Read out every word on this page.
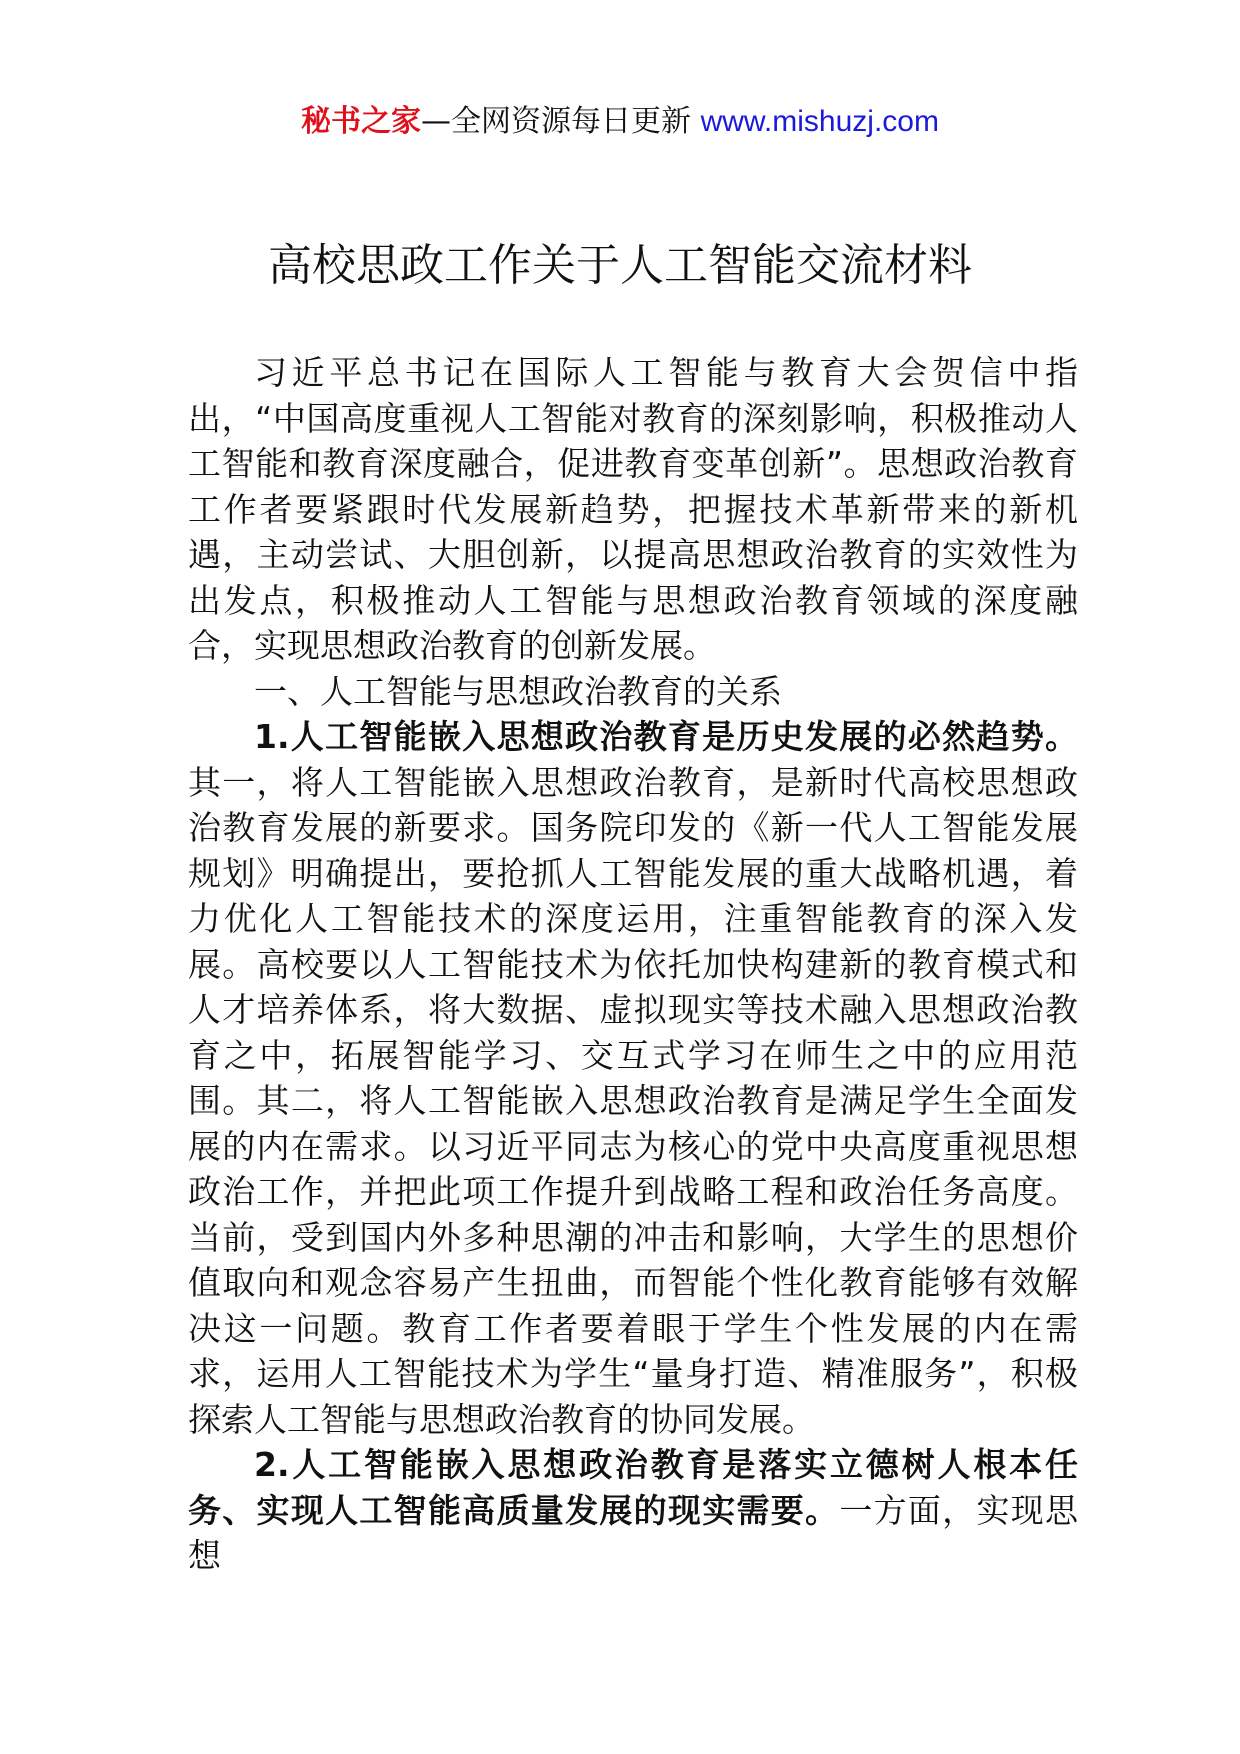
秘书之家—全网资源每日更新 www.mishuzj.com
高校思政工作关于人工智能交流材料

习近平总书记在国际人工智能与教育大会贺信中指出，“中国高度重视人工智能对教育的深刻影响，积极推动人工智能和教育深度融合，促进教育变革创新”。思想政治教育工作者要紧跟时代发展新趋势，把握技术革新带来的新机遇，主动尝试、大胆创新，以提高思想政治教育的实效性为出发点，积极推动人工智能与思想政治教育领域的深度融合，实现思想政治教育的创新发展。

一、人工智能与思想政治教育的关系

1.人工智能嵌入思想政治教育是历史发展的必然趋势。其一，将人工智能嵌入思想政治教育，是新时代高校思想政治教育发展的新要求。国务院印发的《新一代人工智能发展规划》明确提出，要抢抓人工智能发展的重大战略机遇，着力优化人工智能技术的深度运用，注重智能教育的深入发展。高校要以人工智能技术为依托加快构建新的教育模式和人才培养体系，将大数据、虚拟现实等技术融入思想政治教育之中，拓展智能学习、交互式学习在师生之中的应用范围。其二，将人工智能嵌入思想政治教育是满足学生全面发展的内在需求。以习近平同志为核心的党中央高度重视思想政治工作，并把此项工作提升到战略工程和政治任务高度。当前，受到国内外多种思潮的冲击和影响，大学生的思想价值取向和观念容易产生扭曲，而智能个性化教育能够有效解决这一问题。教育工作者要着眼于学生个性发展的内在需求，运用人工智能技术为学生“量身打造、精准服务”，积极探索人工智能与思想政治教育的协同发展。

2.人工智能嵌入思想政治教育是落实立德树人根本任务、实现人工智能高质量发展的现实需要。一方面，实现思想
